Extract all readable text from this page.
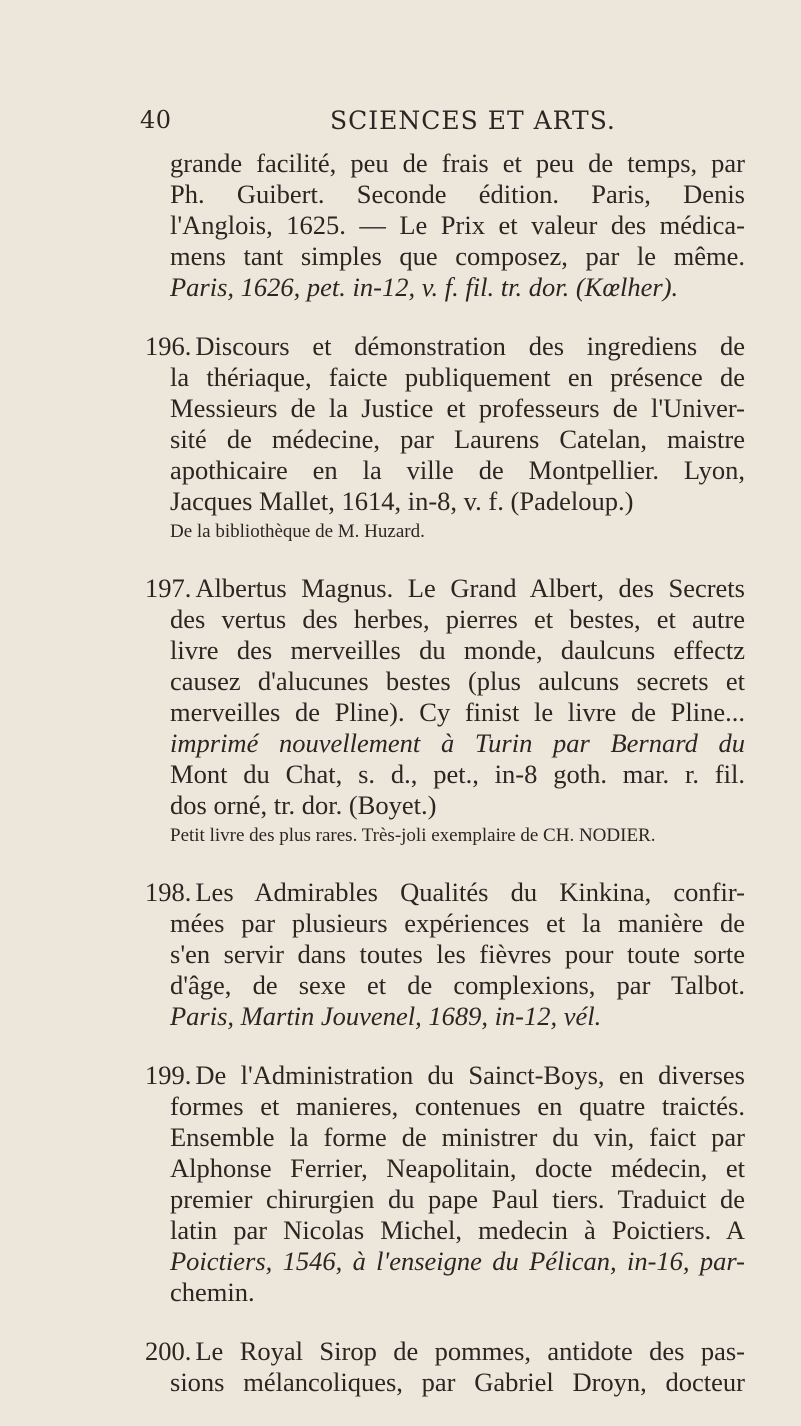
40	SCIENCES ET ARTS.
grande facilité, peu de frais et peu de temps, par
Ph. Guibert. Seconde édition. Paris, Denis
l'Anglois, 1625. — Le Prix et valeur des médica-
mens tant simples que composez, par le même.
Paris, 1626, pet. in-12, v. f. fil. tr. dor. (Kœlher).
196. Discours et démonstration des ingrediens de
la thériaque, faicte publiquement en présence de
Messieurs de la Justice et professeurs de l'Univer-
sité de médecine, par Laurens Catelan, maistre
apothicaire en la ville de Montpellier. Lyon,
Jacques Mallet, 1614, in-8, v. f. (Padeloup.)
De la bibliothèque de M. Huzard.
197. Albertus Magnus. Le Grand Albert, des Secrets
des vertus des herbes, pierres et bestes, et autre
livre des merveilles du monde, daulcuns effectz
causez d'alucunes bestes (plus aulcuns secrets et
merveilles de Pline). Cy finist le livre de Pline...
imprimé nouvellement à Turin par Bernard du
Mont du Chat, s. d., pet., in-8 goth. mar. r. fil.
dos orné, tr. dor. (Boyet.)
Petit livre des plus rares. Très-joli exemplaire de CH. NODIER.
198. Les Admirables Qualités du Kinkina, confir-
mées par plusieurs expériences et la manière de
s'en servir dans toutes les fièvres pour toute sorte
d'âge, de sexe et de complexions, par Talbot.
Paris, Martin Jouvenel, 1689, in-12, vél.
199. De l'Administration du Sainct-Boys, en diverses
formes et manieres, contenues en quatre traictés.
Ensemble la forme de ministrer du vin, faict par
Alphonse Ferrier, Neapolitain, docte médecin, et
premier chirurgien du pape Paul tiers. Traduict de
latin par Nicolas Michel, medecin à Poictiers. A
Poictiers, 1546, à l'enseigne du Pélican, in-16, par-
chemin.
200. Le Royal Sirop de pommes, antidote des pas-
sions mélancoliques, par Gabriel Droyn, docteur
